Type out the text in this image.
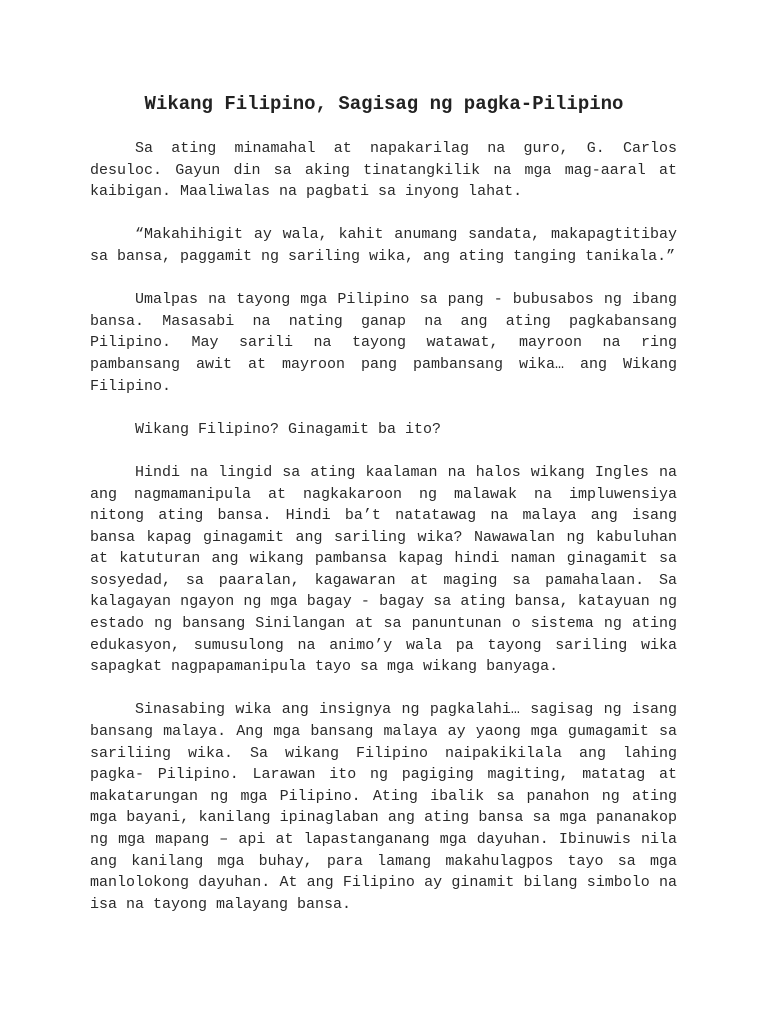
Wikang Filipino, Sagisag ng pagka-Pilipino

Sa ating minamahal at napakarilag na guro, G. Carlos desuloc. Gayun din sa aking tinatangkilik na mga mag-aaral at kaibigan. Maaliwalas na pagbati sa inyong lahat.

“Makahihigit ay wala, kahit anumang sandata, makapagtitibay sa bansa, paggamit ng sariling wika, ang ating tanging tanikala.”

Umalpas na tayong mga Pilipino sa pang - bubusabos ng ibang bansa. Masasabi na nating ganap na ang ating pagkabansang Pilipino. May sarili na tayong watawat, mayroon na ring pambansang awit at mayroon pang pambansang wika… ang Wikang Filipino.

Wikang Filipino? Ginagamit ba ito?

Hindi na lingid sa ating kaalaman na halos wikang Ingles na ang nagmamanipula at nagkakaroon ng malawak na impluwensiya nitong ating bansa. Hindi ba’t natatawag na malaya ang isang bansa kapag ginagamit ang sariling wika? Nawawalan ng kabuluhan at katuturan ang wikang pambansa kapag hindi naman ginagamit sa sosyedad, sa paaralan, kagawaran at maging sa pamahalaan. Sa kalagayan ngayon ng mga bagay - bagay sa ating bansa, katayuan ng estado ng bansang Sinilangan at sa panuntunan o sistema ng ating edukasyon, sumusulong na animo’y wala pa tayong sariling wika sapagkat nagpapamanipula tayo sa mga wikang banyaga.

Sinasabing wika ang insignya ng pagkalahi… sagisag ng isang bansang malaya. Ang mga bansang malaya ay yaong mga gumagamit sa sariliing wika. Sa wikang Filipino naipakikilala ang lahing pagka- Pilipino. Larawan ito ng pagiging magiting, matatag at makatarungan ng mga Pilipino. Ating ibalik sa panahon ng ating mga bayani, kanilang ipinaglaban ang ating bansa sa mga pananakop ng mga mapang – api at lapastanganang mga dayuhan. Ibinuwis nila ang kanilang mga buhay, para lamang makahulagpos tayo sa mga manlolokong dayuhan. At ang Filipino ay ginamit bilang simbolo na isa na tayong malayang bansa.
